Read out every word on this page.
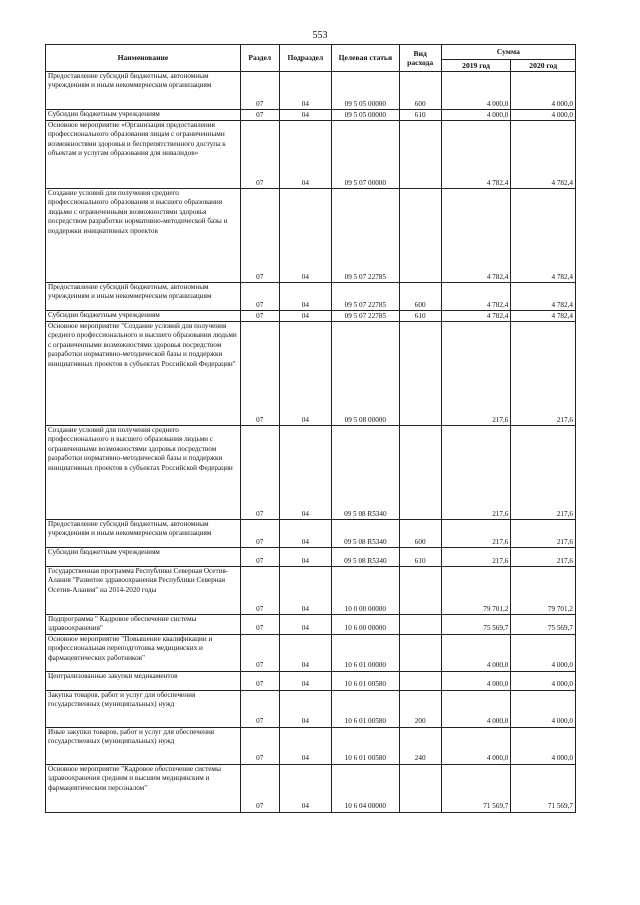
553
Наименование	Раздел	Подраздел	Целевая статья	Вид расхода	Сумма	
					2019 год	2020 год
Предоставление субсидий бюджетным, автономным учреждениям и иным некоммерческим организациям	07	04	09 5 05 00000	600	4 000,0	4 000,0
Субсидии бюджетным учреждениям	07	04	09 5 05 00000	610	4 000,0	4 000,0
Основное мероприятие «Организация предоставления профессионального образования лицам с ограниченными возможностями здоровья и беспрепятственного доступа к объектам и услугам образования для инвалидов»	07	04	09 5 07 00000		4 782,4	4 782,4
Создание условий для получения среднего профессионального образования и высшего образования людьми с ограниченными возможностями здоровья посредством разработки нормативно-методической базы и поддержки инициативных проектов	07	04	09 5 07 22785		4 782,4	4 782,4
Предоставление субсидий бюджетным, автономным учреждениям и иным некоммерческим организациям	07	04	09 5 07 22785	600	4 782,4	4 782,4
Субсидии бюджетным учреждениям	07	04	09 5 07 22785	610	4 782,4	4 782,4
Основное мероприятие "Создание условий для получения среднего профессионального и высшего образования людьми с ограниченными возможностями здоровья посредством разработки нормативно-методической базы и поддержки инициативных проектов в субъектах Российской Федерации"	07	04	09 5 08 00000		217,6	217,6
Создание условий для получения среднего профессионального и высшего образования людьми с ограниченными возможностями здоровья посредством разработки нормативно-методической базы и поддержки инициативных проектов в субъектах Российской Федерации	07	04	09 5 08 R5340		217,6	217,6
Предоставление субсидий бюджетным, автономным учреждениям и иным некоммерческим организациям	07	04	09 5 08 R5340	600	217,6	217,6
Субсидии бюджетным учреждениям	07	04	09 5 08 R5340	610	217,6	217,6
Государственная программа Республики Северная Осетия-Алания "Развитие здравоохранения Республики Северная Осетия-Алания" на 2014-2020 годы	07	04	10 0 00 00000		79 701,2	79 701,2
Подпрограмма " Кадровое обеспечение системы здравоохранения"	07	04	10 6 00 00000		75 569,7	75 569,7
Основное мероприятие "Повышение квалификации и профессиональная переподготовка медицинских и фармацевтических работников"	07	04	10 6 01 00000		4 000,0	4 000,0
Централизованные закупки медикаментов	07	04	10 6 01 00580		4 000,0	4 000,0
Закупка товаров, работ и услуг для обеспечения государственных (муниципальных) нужд	07	04	10 6 01 00580	200	4 000,0	4 000,0
Иные закупки товаров, работ и услуг для обеспечения государственных (муниципальных) нужд	07	04	10 6 01 00580	240	4 000,0	4 000,0
Основное мероприятие "Кадровое обеспечение системы здравоохранения средним и высшим медицинским и фармацевтическим персоналом"	07	04	10 6 04 00000		71 569,7	71 569,7
